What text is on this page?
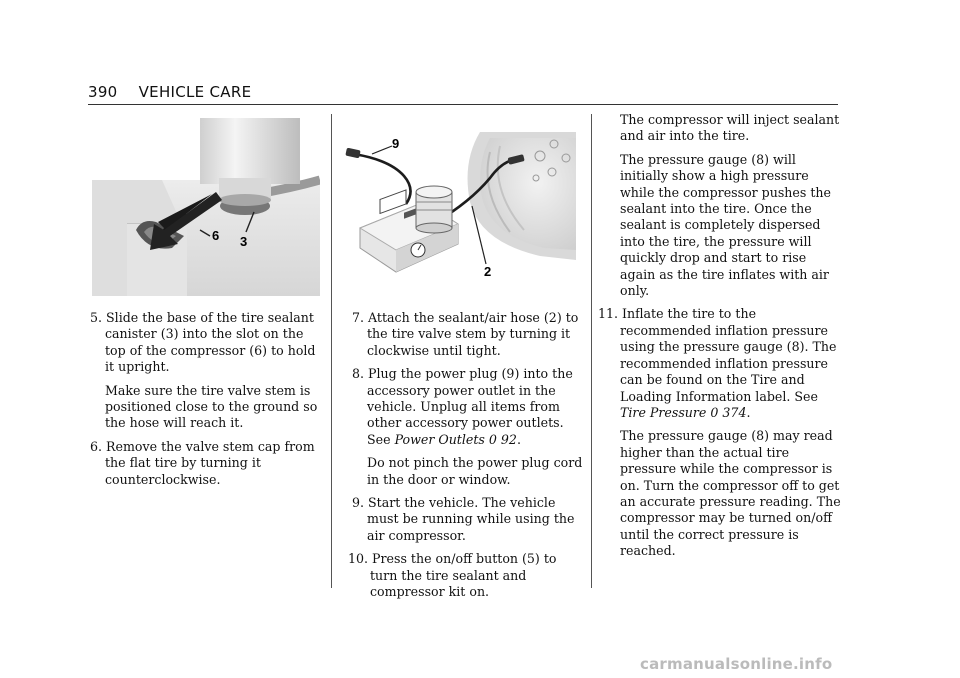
390 VEHICLE CARE
6 3
9
2

5. Slide the base of the tire sealant canister (3) into the slot on the top of the compressor (6) to hold it upright.

Make sure the tire valve stem is positioned close to the ground so the hose will reach it.

6. Remove the valve stem cap from the flat tire by turning it counterclockwise.

7. Attach the sealant/air hose (2) to the tire valve stem by turning it clockwise until tight.

8. Plug the power plug (9) into the accessory power outlet in the vehicle. Unplug all items from other accessory power outlets. See Power Outlets 0 92.

Do not pinch the power plug cord in the door or window.

9. Start the vehicle. The vehicle must be running while using the air compressor.

10. Press the on/off button (5) to turn the tire sealant and compressor kit on.

The compressor will inject sealant and air into the tire.

The pressure gauge (8) will initially show a high pressure while the compressor pushes the sealant into the tire. Once the sealant is completely dispersed into the tire, the pressure will quickly drop and start to rise again as the tire inflates with air only.

11. Inflate the tire to the recommended inflation pressure using the pressure gauge (8). The recommended inflation pressure can be found on the Tire and Loading Information label. See Tire Pressure 0 374.

The pressure gauge (8) may read higher than the actual tire pressure while the compressor is on. Turn the compressor off to get an accurate pressure reading. The compressor may be turned on/off until the correct pressure is reached.

carmanualsonline.info
